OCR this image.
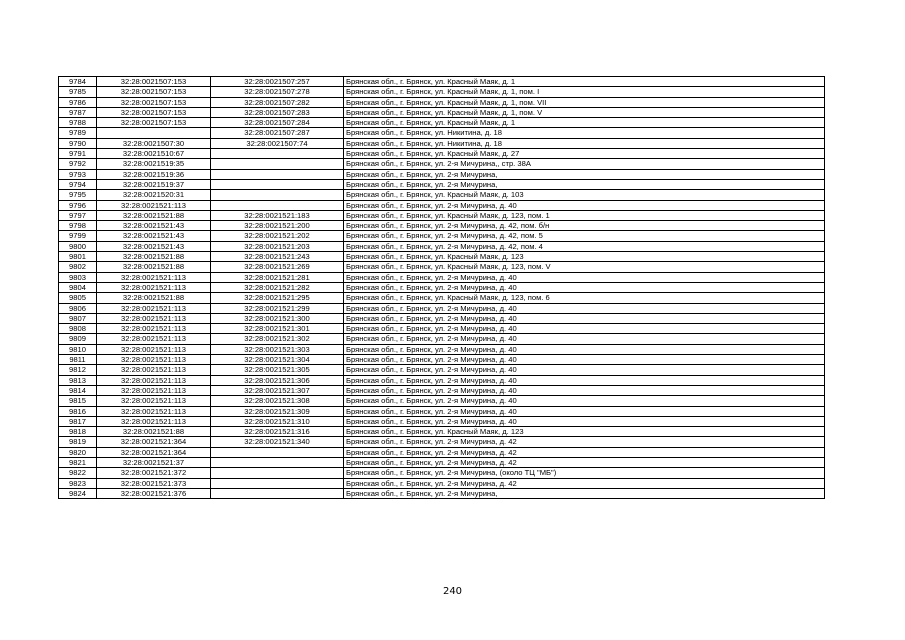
9784	32:28:0021507:153	32:28:0021507:257	Брянская обл., г. Брянск, ул. Красный Маяк, д. 1
9785	32:28:0021507:153	32:28:0021507:278	Брянская обл., г. Брянск, ул. Красный Маяк, д. 1, пом. I
9786	32:28:0021507:153	32:28:0021507:282	Брянская обл., г. Брянск, ул. Красный Маяк, д. 1, пом. VII
9787	32:28:0021507:153	32:28:0021507:283	Брянская обл., г. Брянск, ул. Красный Маяк, д. 1, пом. V
9788	32:28:0021507:153	32:28:0021507:284	Брянская обл., г. Брянск, ул. Красный Маяк, д. 1
9789		32:28:0021507:287	Брянская обл., г. Брянск, ул. Никитина, д. 18
9790	32:28:0021507:30	32:28:0021507:74	Брянская обл., г. Брянск, ул. Никитина, д. 18
9791	32:28:0021510:67		Брянская обл., г. Брянск, ул. Красный Маяк, д. 27
9792	32:28:0021519:35		Брянская обл., г. Брянск, ул. 2-я Мичурина,, стр. 38А
9793	32:28:0021519:36		Брянская обл., г. Брянск, ул. 2-я Мичурина,
9794	32:28:0021519:37		Брянская обл., г. Брянск, ул. 2-я Мичурина,
9795	32:28:0021520:31		Брянская обл., г. Брянск, ул. Красный Маяк, д. 103
9796	32:28:0021521:113		Брянская обл., г. Брянск, ул. 2-я Мичурина, д. 40
9797	32:28:0021521:88	32:28:0021521:183	Брянская обл., г. Брянск, ул. Красный Маяк, д. 123, пом. 1
9798	32:28:0021521:43	32:28:0021521:200	Брянская обл., г. Брянск, ул. 2-я Мичурина, д. 42, пом. б/н
9799	32:28:0021521:43	32:28:0021521:202	Брянская обл., г. Брянск, ул. 2-я Мичурина, д. 42, пом. 5
9800	32:28:0021521:43	32:28:0021521:203	Брянская обл., г. Брянск, ул. 2-я Мичурина, д. 42, пом. 4
9801	32:28:0021521:88	32:28:0021521:243	Брянская обл., г. Брянск, ул. Красный Маяк, д. 123
9802	32:28:0021521:88	32:28:0021521:269	Брянская обл., г. Брянск, ул. Красный Маяк, д. 123, пом. V
9803	32:28:0021521:113	32:28:0021521:281	Брянская обл., г. Брянск, ул. 2-я Мичурина, д. 40
9804	32:28:0021521:113	32:28:0021521:282	Брянская обл., г. Брянск, ул. 2-я Мичурина, д. 40
9805	32:28:0021521:88	32:28:0021521:295	Брянская обл., г. Брянск, ул. Красный Маяк, д. 123, пом. 6
9806	32:28:0021521:113	32:28:0021521:299	Брянская обл., г. Брянск, ул. 2-я Мичурина, д. 40
9807	32:28:0021521:113	32:28:0021521:300	Брянская обл., г. Брянск, ул. 2-я Мичурина, д. 40
9808	32:28:0021521:113	32:28:0021521:301	Брянская обл., г. Брянск, ул. 2-я Мичурина, д. 40
9809	32:28:0021521:113	32:28:0021521:302	Брянская обл., г. Брянск, ул. 2-я Мичурина, д. 40
9810	32:28:0021521:113	32:28:0021521:303	Брянская обл., г. Брянск, ул. 2-я Мичурина, д. 40
9811	32:28:0021521:113	32:28:0021521:304	Брянская обл., г. Брянск, ул. 2-я Мичурина, д. 40
9812	32:28:0021521:113	32:28:0021521:305	Брянская обл., г. Брянск, ул. 2-я Мичурина, д. 40
9813	32:28:0021521:113	32:28:0021521:306	Брянская обл., г. Брянск, ул. 2-я Мичурина, д. 40
9814	32:28:0021521:113	32:28:0021521:307	Брянская обл., г. Брянск, ул. 2-я Мичурина, д. 40
9815	32:28:0021521:113	32:28:0021521:308	Брянская обл., г. Брянск, ул. 2-я Мичурина, д. 40
9816	32:28:0021521:113	32:28:0021521:309	Брянская обл., г. Брянск, ул. 2-я Мичурина, д. 40
9817	32:28:0021521:113	32:28:0021521:310	Брянская обл., г. Брянск, ул. 2-я Мичурина, д. 40
9818	32:28:0021521:88	32:28:0021521:316	Брянская обл., г. Брянск, ул. Красный Маяк, д. 123
9819	32:28:0021521:364	32:28:0021521:340	Брянская обл., г. Брянск, ул. 2-я Мичурина, д. 42
9820	32:28:0021521:364		Брянская обл., г. Брянск, ул. 2-я Мичурина, д. 42
9821	32:28:0021521:37		Брянская обл., г. Брянск, ул. 2-я Мичурина, д. 42
9822	32:28:0021521:372		Брянская обл., г. Брянск, ул. 2-я Мичурина, (около ТЦ "МБ")
9823	32:28:0021521:373		Брянская обл., г. Брянск, ул. 2-я Мичурина, д. 42
9824	32:28:0021521:376		Брянская обл., г. Брянск, ул. 2-я Мичурина,
240
